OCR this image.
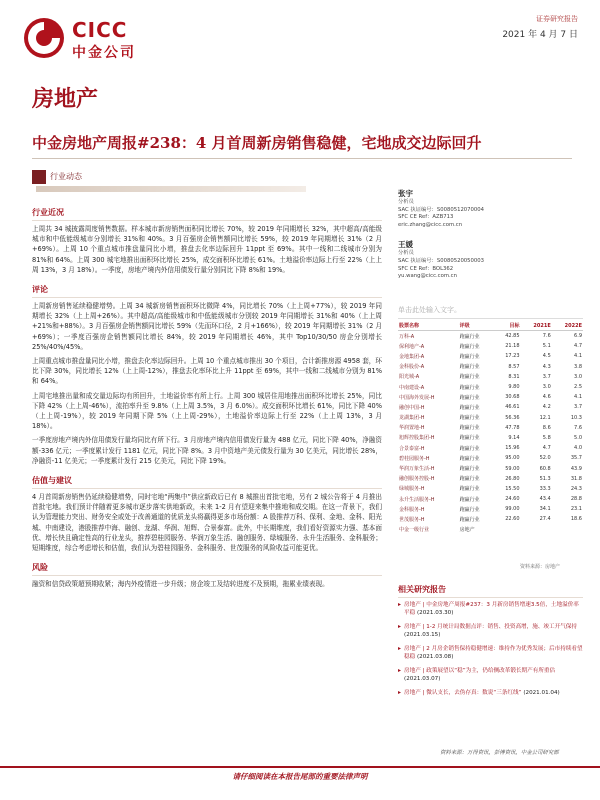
CICC
中金公司
证券研究报告
2021 年 4 月 7 日
房地产
中金房地产周报#238：4 月首周新房销售稳健，宅地成交边际回升
行业动态
行业近况

上周共 34 城披露周度销售数据。样本城市新房销售面积同比增长 70%，较 2019 年同期增长 32%，其中超高/高能级城市和中低能级城市分别增长 31%和 40%。3 月百强房企销售额同比增长 59%，较 2019 年同期增长 31%（2 月 +69%）。上周 10 个重点城市推盘量同比小增，推盘去化率边际回升 11ppt 至 69%。其中一线和二线城市分别为 81%和 64%。上周 300 城宅地推出面积环比增长 25%，成交面积环比增长 61%。土地溢价率边际上行至 22%（上上周 13%，3 月 18%）。一季度，房地产境内外信用债发行量分别同比下降 8%和 19%。

评论

上周新房销售延续稳健增势。上周 34 城新房销售面积环比微降 4%，同比增长 70%（上上周+77%），较 2019 年同期增长 32%（上上周+26%）。其中超高/高能级城市和中低能级城市分别较 2019 年同期增长 31%和 40%（上上周+21%和+88%）。3 月百强房企销售额同比增长 59%（先而环口径，2 月+166%），较 2019 年同期增长 31%（2 月+69%）；一季度百强房企销售额同比增长 84%，较 2019 年同期增长 46%，其中 Top10/30/50 房企分别增长 25%/40%/45%。

上周重点城市推盘量同比小增，推盘去化率边际回升。上周 10 个重点城市推出 30 个项目，合计新推房源 4958 套，环比下降 30%，同比增长 12%（上上周-12%），推盘去化率环比上升 11ppt 至 69%，其中一线和二线城市分别为 81%和 64%。

上周宅地推出量和成交量边际均有所回升，土地溢价率有所上行。上周 300 城居住用地推出面积环比增长 25%，同比下降 42%（上上周-46%），流拍率升至 9.8%（上上周 3.5%，3 月 6.0%）。成交面积环比增长 61%，同比下降 40%（上上周-19%），较 2019 年同期下降 5%（上上周-29%），土地溢价率边际上行至 22%（上上周 13%，3 月 18%）。

一季度房地产境内外信用债发行量均同比有所下行。3 月房地产境内信用债发行量为 488 亿元，同比下降 40%，净融资额-336 亿元；一季度累计发行 1181 亿元，同比下降 8%。3 月中资地产美元债发行量为 30 亿美元，同比增长 28%，净融资-11 亿美元；一季度累计发行 215 亿美元，同比下降 19%。

估值与建议

4 月首周新房销售仍延续稳健增势，同时宅地“两集中”供应新政后已有 8 城推出首批宅地，另有 2 城公告将于 4 月推出首批宅地。我们预计伴随着更多城市逐步落实供地新政，未来 1-2 月有望迎来集中推地和成交期。在这一背景下，我们认为管理能力突出、财务安全或处于改善通道的优质龙头将赢得更多市场份额：A 股推荐万科、保利、金地、金科、阳光城、中南建设，港股推荐中海、融创、龙湖、华润、旭辉、合景泰富。此外，中长期维度，我们看好资源实力强、基本面优、增长快且确定性高的行业龙头，推荐碧桂园服务、华润万象生活、融创服务、绿城服务、永升生活服务、金科服务；短期维度，综合考虑增长和估值，我们认为碧桂园服务、金科服务、世茂服务的风险收益可能更优。

风险

融资和信贷政策超预期收紧；海内外疫情进一步升级；房企竣工及结转进度不及预期，拖累业绩表现。

张宇
分析员
SAC 执证编号：S0080512070004
SFC CE Ref：AZB713
eric.zhang@cicc.com.cn
王媛
分析员
SAC 执证编号：S0080520050003
SFC CE Ref：BOL362
yu.wang@cicc.com.cn
单击此处输入文字。
股票名称	评级	目标	2021E	2022E
万科-A	跑赢行业	42.85	7.6	6.9
保利地产-A	跑赢行业	21.18	5.1	4.7
金地集团-A	跑赢行业	17.23	4.5	4.1
金科股份-A	跑赢行业	8.57	4.3	3.8
阳光城-A	跑赢行业	8.31	3.7	3.0
中南建设-A	跑赢行业	9.80	3.0	2.5
中国海外发展-H	跑赢行业	30.68	4.6	4.1
融创中国-H	跑赢行业	46.61	4.2	3.7
龙湖集团-H	跑赢行业	56.36	12.1	10.3
华润置地-H	跑赢行业	47.78	8.6	7.6
旭辉控股集团-H	跑赢行业	9.14	5.8	5.0
合景泰富-H	跑赢行业	15.96	4.7	4.0
碧桂园服务-H	跑赢行业	95.00	52.0	35.7
华润万象生活-H	跑赢行业	59.00	60.8	43.9
融创服务控股-H	跑赢行业	26.80	51.3	31.8
绿城服务-H	跑赢行业	15.50	33.3	24.3
永升生活服务-H	跑赢行业	24.60	43.4	28.8
金科服务-H	跑赢行业	99.00	34.1	23.1
世茂服务-H	跑赢行业	22.60	27.4	18.6
中金一级行业	房地产			
资料来源：房地产
相关研究报告
▸ 房地产 | 中金房地产周报#237：3 月新房销售增速3.5倍，土地溢价率平稳 (2021.03.30)
▸ 房地产 | 1-2 月统计局数据点评：销售、投资高增，施、竣工开气保持 (2021.03.15)
▸ 房地产 | 2 月房企销售保持稳健增速：维持作为优秀发展；后市持续看望稳稳 (2021.03.08)
▸ 房地产 | 政策展望以“稳”为主，仍给侧改革锻长期产有所重估 (2021.03.07)
▸ 房地产 | 微认支长，去伪存真：数说“三条红线” (2021.01.04)
资料来源：万得资讯，彭博资讯，中金公司研究部
请仔细阅读在本报告尾部的重要法律声明
